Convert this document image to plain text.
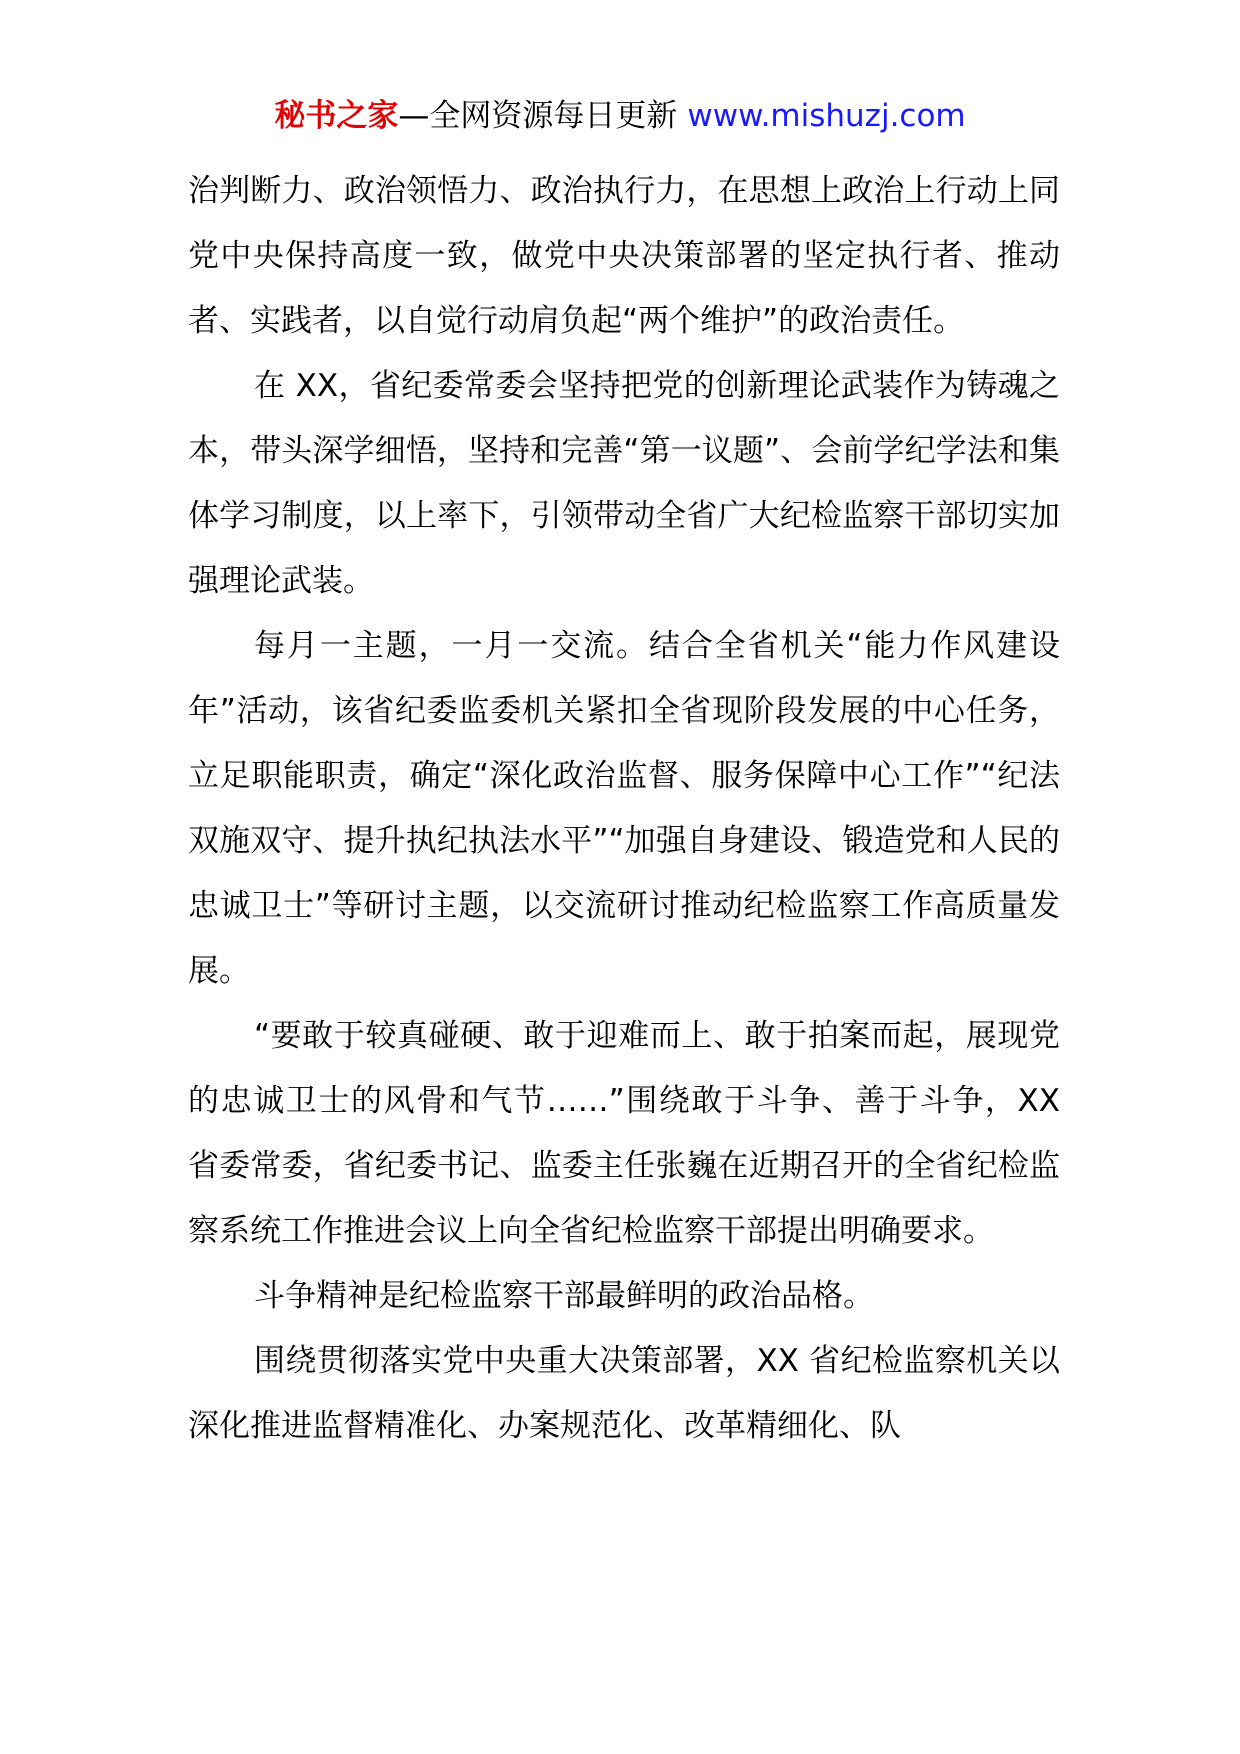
秘书之家—全网资源每日更新 www.mishuzj.com

治判断力、政治领悟力、政治执行力，在思想上政治上行动上同党中央保持高度一致，做党中央决策部署的坚定执行者、推动者、实践者，以自觉行动肩负起“两个维护”的政治责任。

在 XX，省纪委常委会坚持把党的创新理论武装作为铸魂之本，带头深学细悟，坚持和完善“第一议题”、会前学纪学法和集体学习制度，以上率下，引领带动全省广大纪检监察干部切实加强理论武装。

每月一主题，一月一交流。结合全省机关“能力作风建设年”活动，该省纪委监委机关紧扣全省现阶段发展的中心任务，立足职能职责，确定“深化政治监督、服务保障中心工作”“纪法双施双守、提升执纪执法水平”“加强自身建设、锻造党和人民的忠诚卫士”等研讨主题，以交流研讨推动纪检监察工作高质量发展。

“要敢于较真碰硬、敢于迎难而上、敢于拍案而起，展现党的忠诚卫士的风骨和气节……”围绕敢于斗争、善于斗争，XX 省委常委，省纪委书记、监委主任张巍在近期召开的全省纪检监察系统工作推进会议上向全省纪检监察干部提出明确要求。

斗争精神是纪检监察干部最鲜明的政治品格。

围绕贯彻落实党中央重大决策部署，XX 省纪检监察机关以深化推进监督精准化、办案规范化、改革精细化、队
